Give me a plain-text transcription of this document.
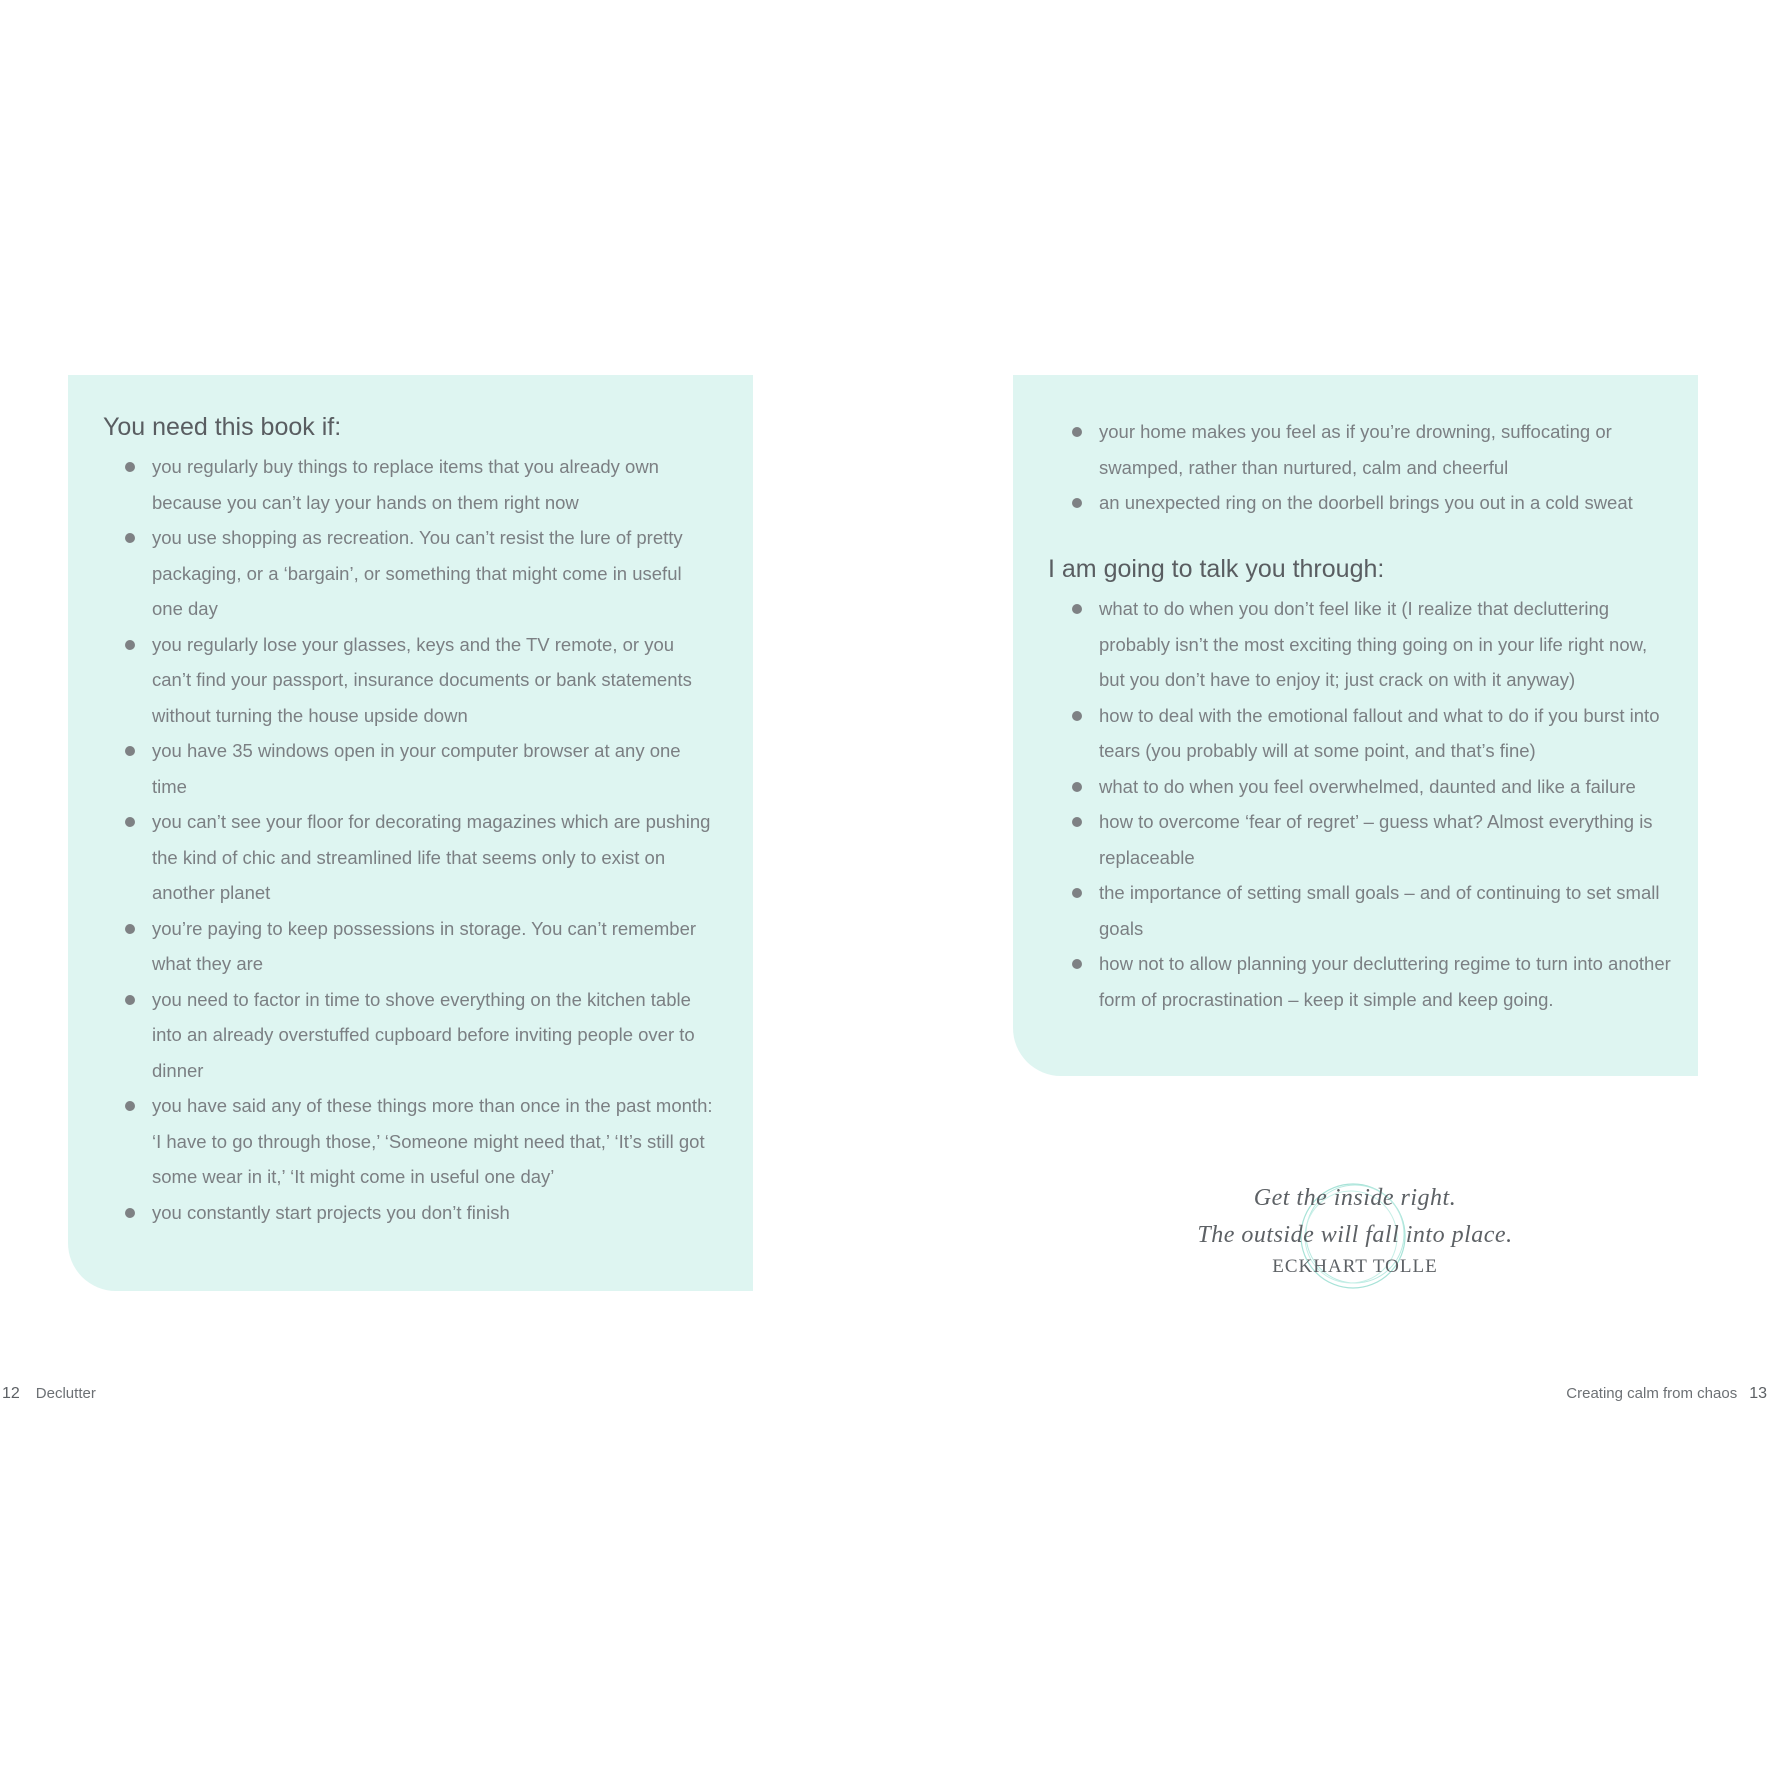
You need this book if:
you regularly buy things to replace items that you already own because you can’t lay your hands on them right now
you use shopping as recreation. You can’t resist the lure of pretty packaging, or a ‘bargain’, or something that might come in useful one day
you regularly lose your glasses, keys and the TV remote, or you can’t find your passport, insurance documents or bank statements without turning the house upside down
you have 35 windows open in your computer browser at any one time
you can’t see your floor for decorating magazines which are pushing the kind of chic and streamlined life that seems only to exist on another planet
you’re paying to keep possessions in storage. You can’t remember what they are
you need to factor in time to shove everything on the kitchen table into an already overstuffed cupboard before inviting people over to dinner
you have said any of these things more than once in the past month: ‘I have to go through those,’ ‘Someone might need that,’ ‘It’s still got some wear in it,’ ‘It might come in useful one day’
you constantly start projects you don’t finish
your home makes you feel as if you’re drowning, suffocating or swamped, rather than nurtured, calm and cheerful
an unexpected ring on the doorbell brings you out in a cold sweat
I am going to talk you through:
what to do when you don’t feel like it (I realize that decluttering probably isn’t the most exciting thing going on in your life right now, but you don’t have to enjoy it; just crack on with it anyway)
how to deal with the emotional fallout and what to do if you burst into tears (you probably will at some point, and that’s fine)
what to do when you feel overwhelmed, daunted and like a failure
how to overcome ‘fear of regret’ – guess what? Almost everything is replaceable
the importance of setting small goals – and of continuing to set small goals
how not to allow planning your decluttering regime to turn into another form of procrastination – keep it simple and keep going.
Get the inside right.
The outside will fall into place.
ECKHART TOLLE
12 Declutter	Creating calm from chaos 13
